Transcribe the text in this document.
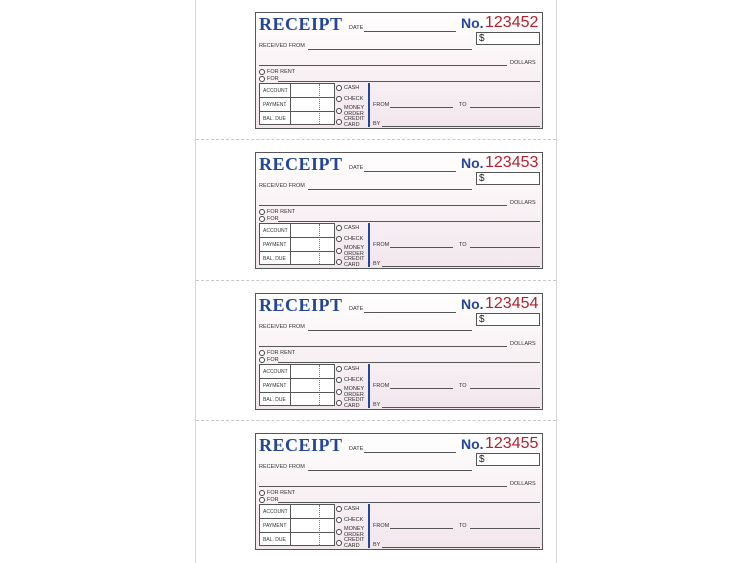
RECEIPT DATE	No. 123452
$
RECEIVED FROM
DOLLARS
FOR RENT
FOR
ACCOUNT
PAYMENT
BAL. DUE
CASH
CHECK
MONEY
ORDER
CREDIT
CARD
FROM	TO
BY
RECEIPT DATE	No. 123453
$
RECEIVED FROM
DOLLARS
FOR RENT
FOR
ACCOUNT
PAYMENT
BAL. DUE
CASH
CHECK
MONEY
ORDER
CREDIT
CARD
FROM	TO
BY
RECEIPT DATE	No. 123454
$
RECEIVED FROM
DOLLARS
FOR RENT
FOR
ACCOUNT
PAYMENT
BAL. DUE
CASH
CHECK
MONEY
ORDER
CREDIT
CARD
FROM	TO
BY
RECEIPT DATE	No. 123455
$
RECEIVED FROM
DOLLARS
FOR RENT
FOR
ACCOUNT
PAYMENT
BAL. DUE
CASH
CHECK
MONEY
ORDER
CREDIT
CARD
FROM	TO
BY
